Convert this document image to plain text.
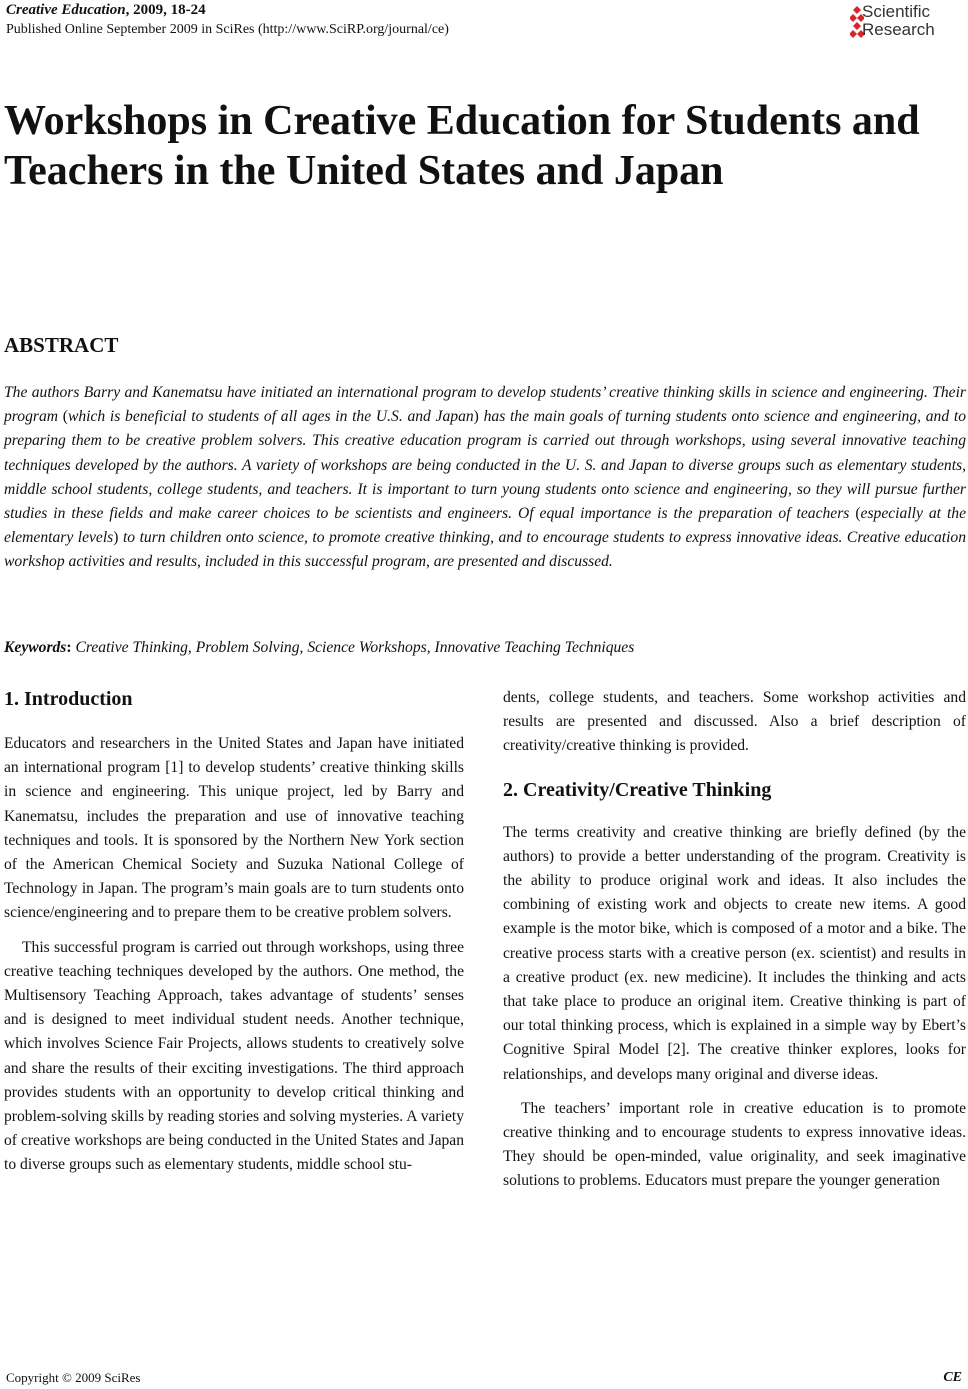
Creative Education, 2009, 18-24
Published Online September 2009 in SciRes (http://www.SciRP.org/journal/ce)
Scientific
Research
Workshops in Creative Education for Students and Teachers in the United States and Japan
ABSTRACT

The authors Barry and Kanematsu have initiated an international program to develop students’ creative thinking skills in science and engineering. Their program (which is beneficial to students of all ages in the U.S. and Japan) has the main goals of turning students onto science and engineering, and to preparing them to be creative problem solvers. This creative education program is carried out through workshops, using several innovative teaching techniques developed by the authors. A variety of workshops are being conducted in the U. S. and Japan to diverse groups such as elementary students, middle school students, college students, and teachers. It is important to turn young students onto science and engineering, so they will pursue further studies in these fields and make career choices to be scientists and engineers. Of equal importance is the preparation of teachers (especially at the elementary levels) to turn children onto science, to promote creative thinking, and to encourage students to express innovative ideas. Creative education workshop activities and results, included in this successful program, are presented and discussed.

Keywords: Creative Thinking, Problem Solving, Science Workshops, Innovative Teaching Techniques

1. Introduction

Educators and researchers in the United States and Japan have initiated an international program [1] to develop students’ creative thinking skills in science and engineering. This unique project, led by Barry and Kanematsu, includes the preparation and use of innovative teaching techniques and tools. It is sponsored by the Northern New York section of the American Chemical Society and Suzuka National College of Technology in Japan. The program’s main goals are to turn students onto science/engineering and to prepare them to be creative problem solvers.

This successful program is carried out through workshops, using three creative teaching techniques developed by the authors. One method, the Multisensory Teaching Approach, takes advantage of students’ senses and is designed to meet individual student needs. Another technique, which involves Science Fair Projects, allows students to creatively solve and share the results of their exciting investigations. The third approach provides students with an opportunity to develop critical thinking and problem-solving skills by reading stories and solving mysteries. A variety of creative workshops are being conducted in the United States and Japan to diverse groups such as elementary students, middle school stu-

dents, college students, and teachers. Some workshop activities and results are presented and discussed. Also a brief description of creativity/creative thinking is provided.

2. Creativity/Creative Thinking

The terms creativity and creative thinking are briefly defined (by the authors) to provide a better understanding of the program. Creativity is the ability to produce original work and ideas. It also includes the combining of existing work and objects to create new items. A good example is the motor bike, which is composed of a motor and a bike. The creative process starts with a creative person (ex. scientist) and results in a creative product (ex. new medicine). It includes the thinking and acts that take place to produce an original item. Creative thinking is part of our total thinking process, which is explained in a simple way by Ebert’s Cognitive Spiral Model [2]. The creative thinker explores, looks for relationships, and develops many original and diverse ideas.

The teachers’ important role in creative education is to promote creative thinking and to encourage students to express innovative ideas. They should be open-minded, value originality, and seek imaginative solutions to problems. Educators must prepare the younger generation

Copyright © 2009 SciRes	CE
